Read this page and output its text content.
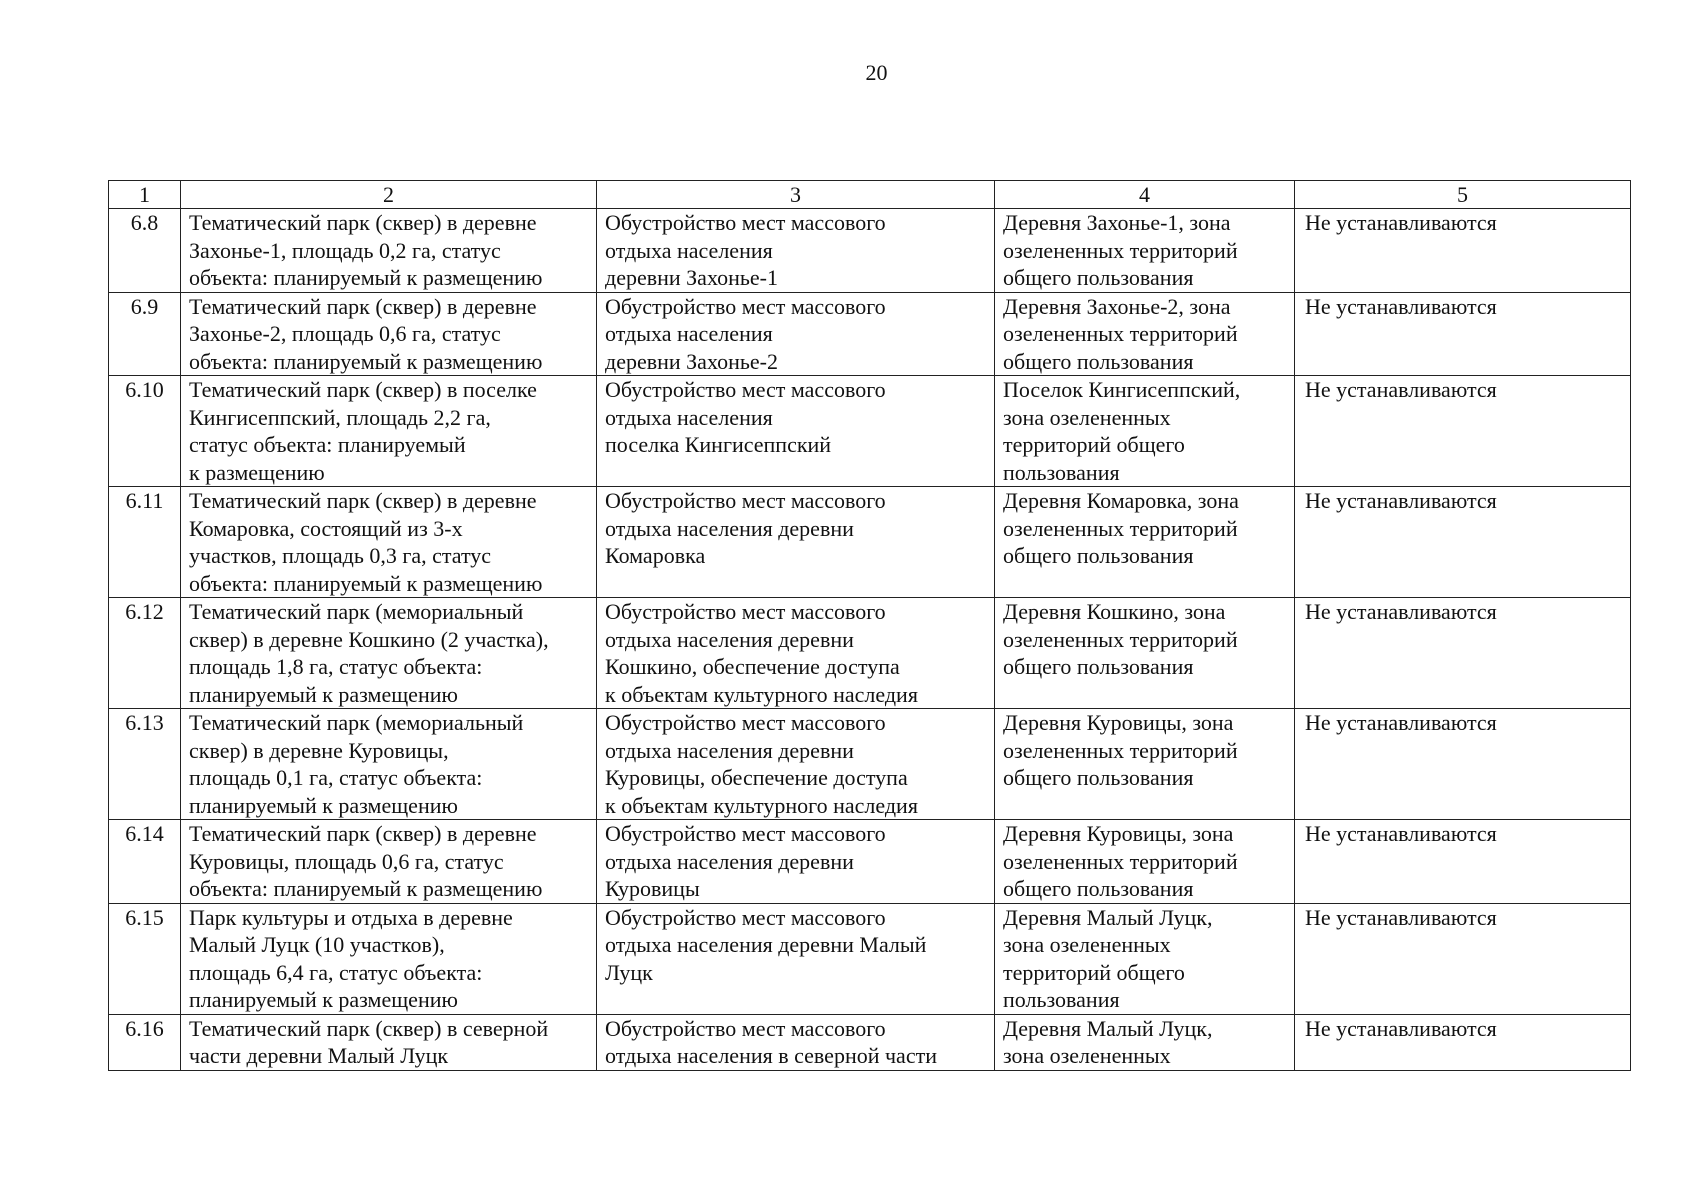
20
1	2	3	4	5
6.8	Тематический парк (сквер) в деревне
Захонье-1, площадь 0,2 га, статус
объекта: планируемый к размещению	Обустройство мест массового
отдыха населения
деревни Захонье-1	Деревня Захонье-1, зона
озелененных территорий
общего пользования	Не устанавливаются

6.9	Тематический парк (сквер) в деревне
Захонье-2, площадь 0,6 га, статус
объекта: планируемый к размещению	Обустройство мест массового
отдыха населения
деревни Захонье-2	Деревня Захонье-2, зона
озелененных территорий
общего пользования	Не устанавливаются

6.10	Тематический парк (сквер) в поселке
Кингисеппский, площадь 2,2 га,
статус объекта: планируемый
к размещению	Обустройство мест массового
отдыха населения
поселка Кингисеппский	Поселок Кингисеппский,
зона озелененных
территорий общего
пользования	Не устанавливаются

6.11	Тематический парк (сквер) в деревне
Комаровка, состоящий из 3-х
участков, площадь 0,3 га, статус
объекта: планируемый к размещению	Обустройство мест массового
отдыха населения деревни
Комаровка	Деревня Комаровка, зона
озелененных территорий
общего пользования	Не устанавливаются

6.12	Тематический парк (мемориальный
сквер) в деревне Кошкино (2 участка),
площадь 1,8 га, статус объекта:
планируемый к размещению	Обустройство мест массового
отдыха населения деревни
Кошкино, обеспечение доступа
к объектам культурного наследия	Деревня Кошкино, зона
озелененных территорий
общего пользования	Не устанавливаются

6.13	Тематический парк (мемориальный
сквер) в деревне Куровицы,
площадь 0,1 га, статус объекта:
планируемый к размещению	Обустройство мест массового
отдыха населения деревни
Куровицы, обеспечение доступа
к объектам культурного наследия	Деревня Куровицы, зона
озелененных территорий
общего пользования	Не устанавливаются

6.14	Тематический парк (сквер) в деревне
Куровицы, площадь 0,6 га, статус
объекта: планируемый к размещению	Обустройство мест массового
отдыха населения деревни
Куровицы	Деревня Куровицы, зона
озелененных территорий
общего пользования	Не устанавливаются

6.15	Парк культуры и отдыха в деревне
Малый Луцк (10 участков),
площадь 6,4 га, статус объекта:
планируемый к размещению	Обустройство мест массового
отдыха населения деревни Малый
Луцк	Деревня Малый Луцк,
зона озелененных
территорий общего
пользования	Не устанавливаются

6.16	Тематический парк (сквер) в северной
части деревни Малый Луцк	Обустройство мест массового
отдыха населения в северной части	Деревня Малый Луцк,
зона озелененных	Не устанавливаются
